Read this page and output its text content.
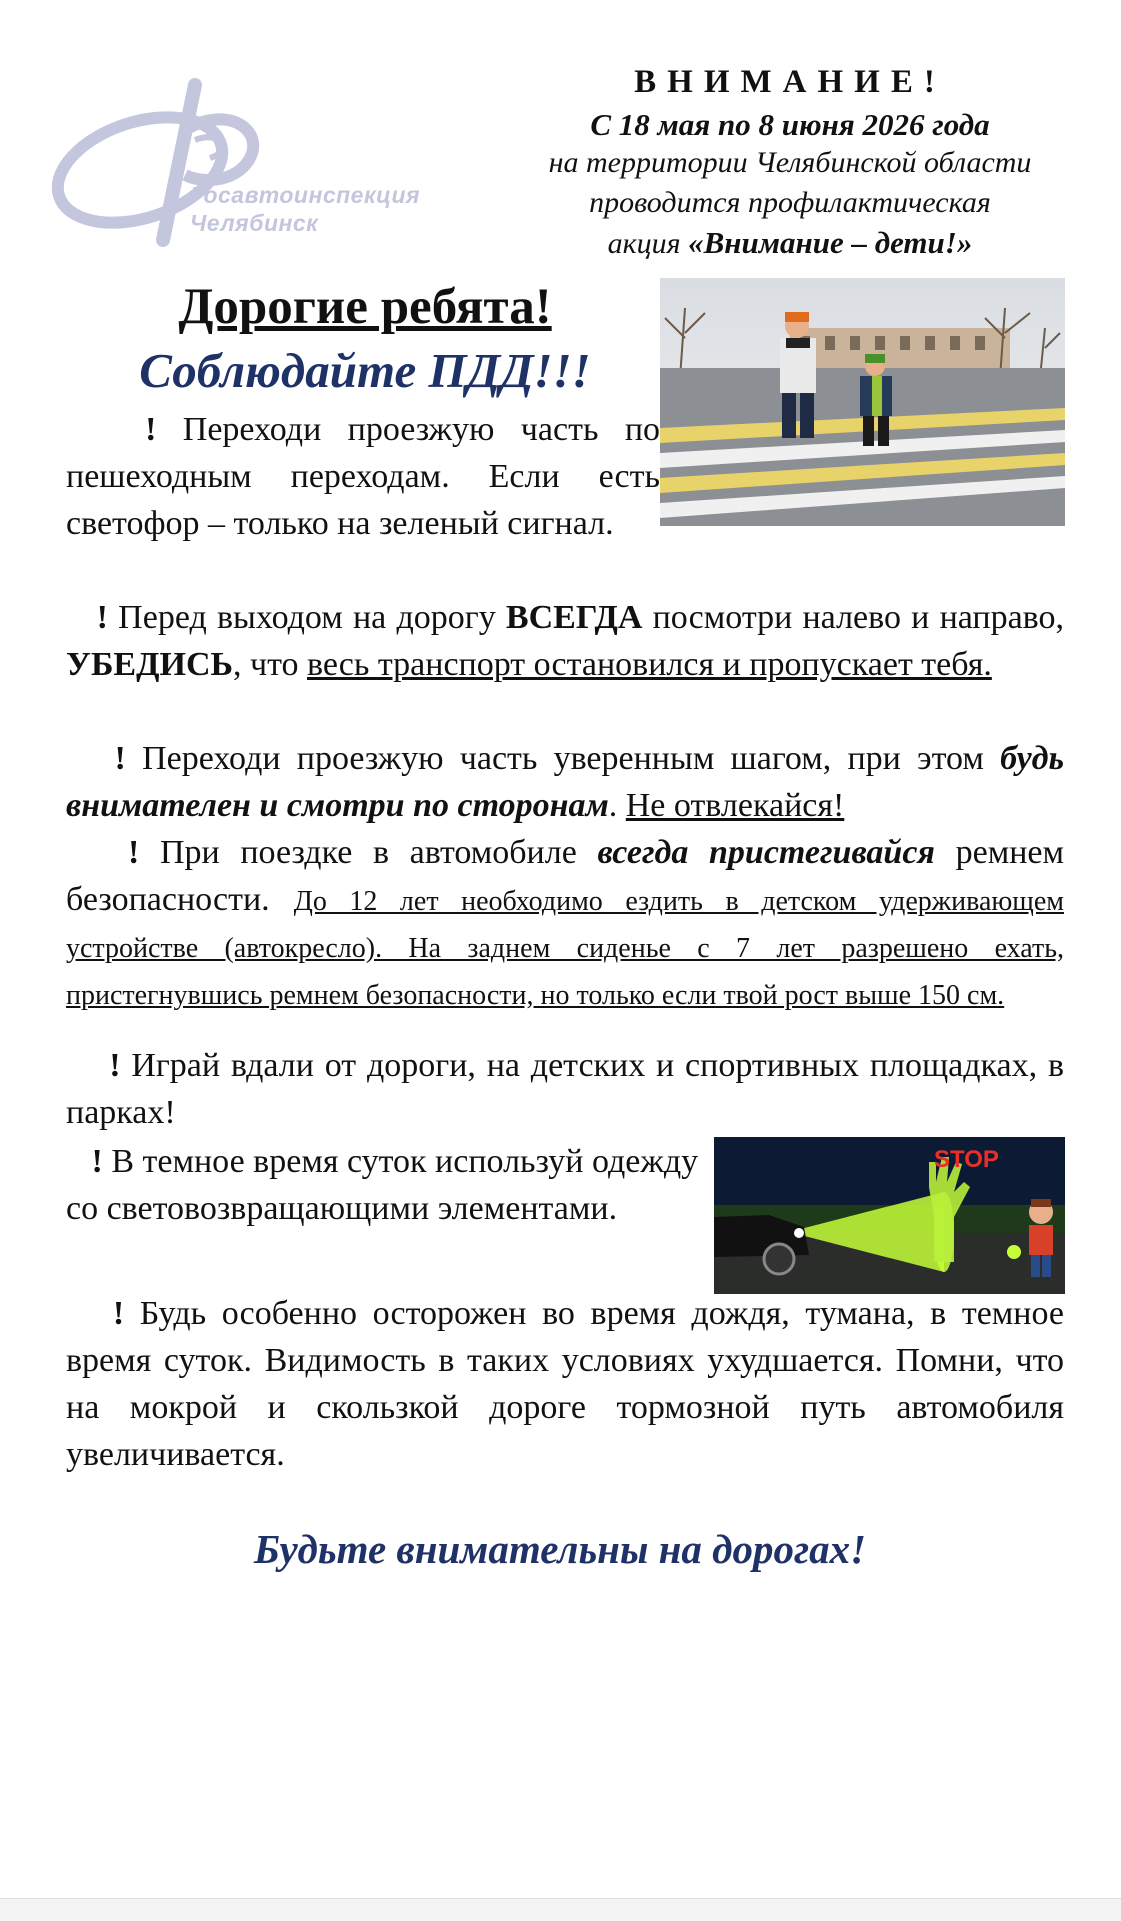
Госавтоинспекция
Челябинск

ВНИМАНИЕ!

С 18 мая по 8 июня 2026 года

на территории Челябинской области

проводится профилактическая

акция «Внимание – дети!»

Дорогие ребята!

Соблюдайте ПДД!!!

! Переходи проезжую часть по пешеходным переходам. Если есть светофор – только на зеленый сигнал.

! Перед выходом на дорогу ВСЕГДА посмотри налево и направо, УБЕДИСЬ, что весь транспорт остановился и пропускает тебя.

! Переходи проезжую часть уверенным шагом, при этом будь внимателен и смотри по сторонам. Не отвлекайся!

! При поездке в автомобиле всегда пристегивайся ремнем безопасности. До 12 лет необходимо ездить в детском удерживающем устройстве (автокресло). На заднем сиденье с 7 лет разрешено ехать, пристегнувшись ремнем безопасности, но только если твой рост выше 150 см.

! Играй вдали от дороги, на детских и спортивных площадках, в парках!

STOP

! В темное время суток используй одежду со световозвращающими элементами.

! Будь особенно осторожен во время дождя, тумана, в темное время суток. Видимость в таких условиях ухудшается. Помни, что на мокрой и скользкой дороге тормозной путь автомобиля увеличивается.

Будьте внимательны на дорогах!
